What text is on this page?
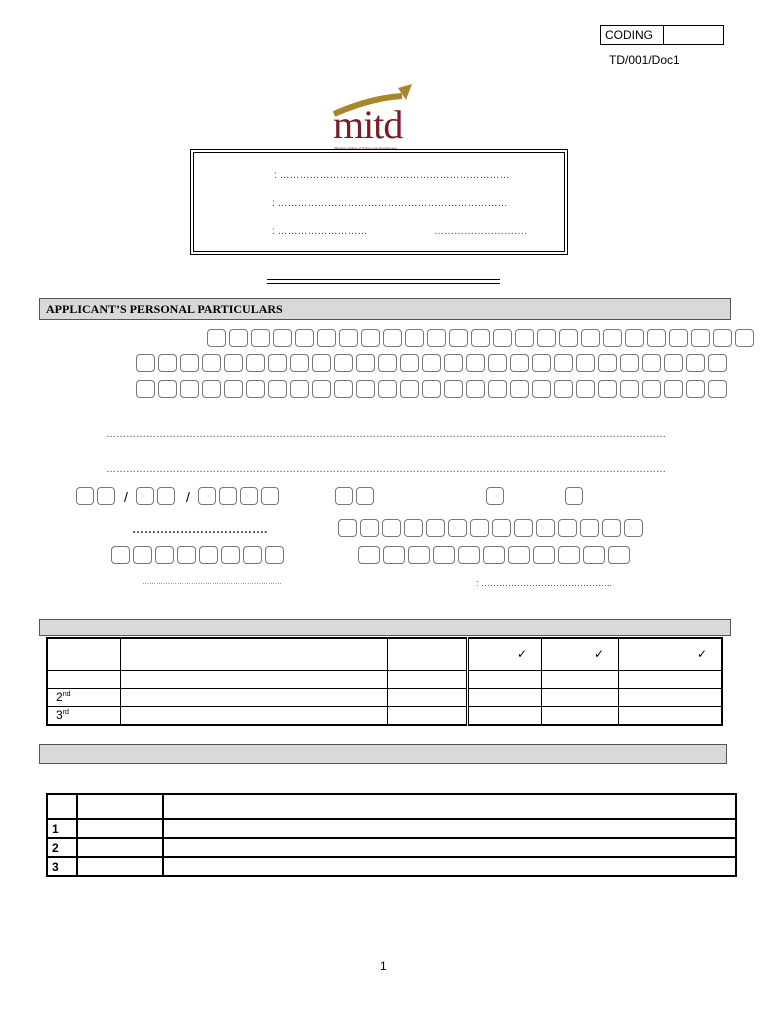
CODING
TD/001/Doc1
mitd
Mauritius Institute of Training and Development
: ……………………………………………………………
: ……………………………………………………………
: ………………………	……………………….
APPLICANT’S PERSONAL PARTICULARS
……………………………………………………………………………………………………………………………………………………
……………………………………………………………………………………………………………………………………………………
/	/
…………………………….
……………………………………………………	: ……………………………………..
			✓	✓	✓

2nd					
3rd					

1		
2		
3		
1
